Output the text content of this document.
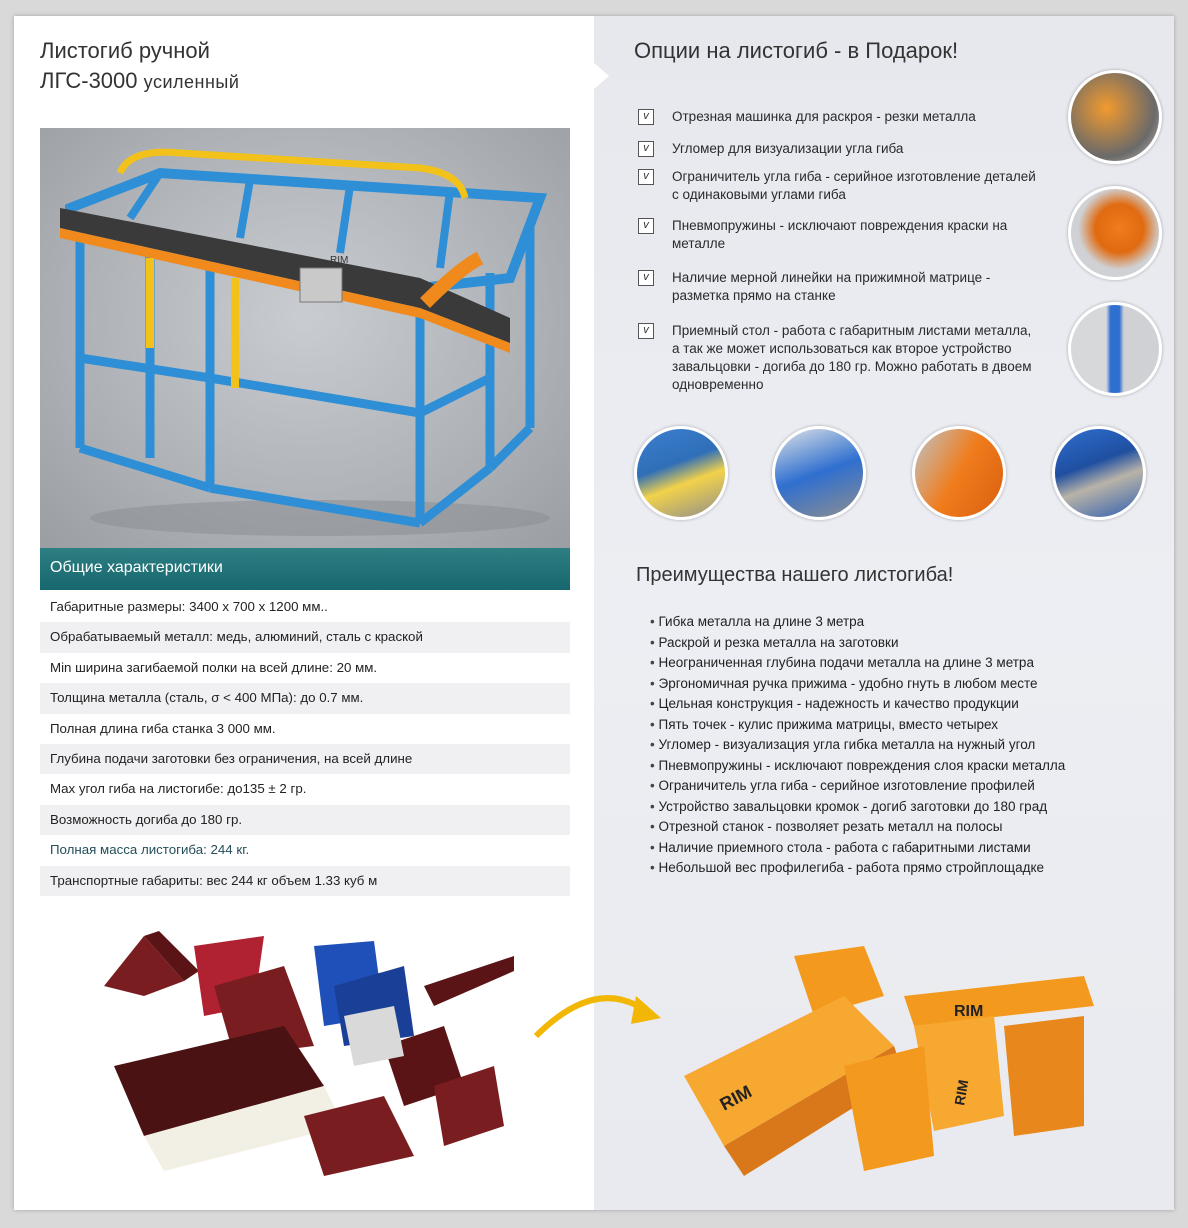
Листогиб ручной
ЛГС-3000 усиленный
RIM
Общие характеристики
Габаритные размеры: 3400 x 700 x 1200 мм..
Обрабатываемый металл: медь, алюминий, сталь с краской
Min ширина загибаемой полки на всей длине: 20 мм.
Толщина металла (сталь, σ < 400 МПа): до 0.7 мм.
Полная длина гиба станка 3 000 мм.
Глубина подачи заготовки без ограничения, на всей длине
Max угол гиба на листогибе: до135 ± 2 гр.
Возможность догиба до 180 гр.
Полная масса листогиба: 244 кг.
Транспортные габариты: вес 244 кг объем 1.33 куб м
Опции на листогиб - в Подарок!
v	Отрезная машинка для раскроя - резки металла
v	Угломер для визуализации угла гиба
v	Ограничитель угла гиба - серийное изготовление деталей с одинаковыми углами гиба
v	Пневмопружины - исключают повреждения краски на металле
v	Наличие мерной линейки на прижимной матрице - разметка прямо на станке
v	Приемный стол - работа с габаритным листами металла, а так же может использоваться как второе устройство завальцовки - догиба до 180 гр. Можно работать в двоем одновременно
Преимущества нашего листогиба!
• Гибка металла на длине 3 метра
• Раскрой и резка металла на заготовки
• Неограниченная глубина подачи металла на длине 3 метра
• Эргономичная ручка прижима - удобно гнуть в любом месте
• Цельная конструкция - надежность и качество продукции
• Пять точек - кулис прижима матрицы, вместо четырех
• Угломер - визуализация угла гибка металла на нужный угол
• Пневмопружины - исключают повреждения слоя краски металла
• Ограничитель угла гиба - серийное изготовление профилей
• Устройство завальцовки кромок - догиб заготовки до 180 град
• Отрезной станок - позволяет резать металл на полосы
• Наличие приемного стола - работа с габаритными листами
• Небольшой вес профилегиба - работа прямо стройплощадке
RIM
RIM
RIM
